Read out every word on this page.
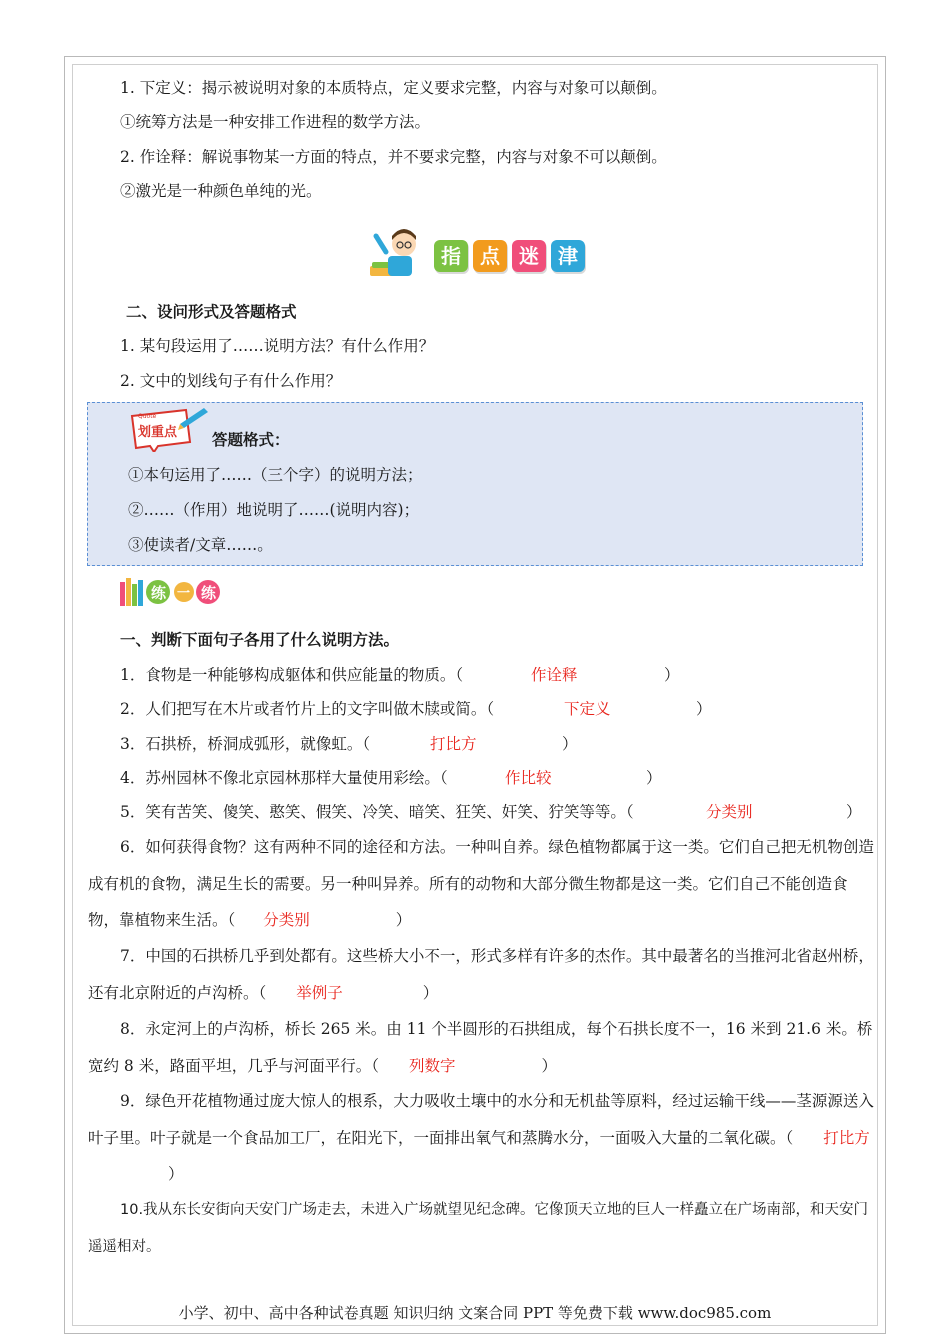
1. 下定义：揭示被说明对象的本质特点，定义要求完整，内容与对象可以颠倒。
①统筹方法是一种安排工作进程的数学方法。
2. 作诠释：解说事物某一方面的特点，并不要求完整，内容与对象不可以颠倒。
②激光是一种颜色单纯的光。
指 点 迷 津
二、设问形式及答题格式
1. 某句段运用了……说明方法？有什么作用？
2. 文中的划线句子有什么作用？
Quote
划重点 答题格式：
①本句运用了……（三个字）的说明方法；
②……（作用）地说明了……(说明内容)；
③使读者/文章……。
练 一 练
一、判断下面句子各用了什么说明方法。
1．食物是一种能够构成躯体和供应能量的物质。（	作诠释	）
2．人们把写在木片或者竹片上的文字叫做木牍或简。（	下定义	）
3．石拱桥，桥洞成弧形，就像虹。（	打比方	）
4．苏州园林不像北京园林那样大量使用彩绘。（	作比较	）
5．笑有苦笑、傻笑、憨笑、假笑、冷笑、暗笑、狂笑、奸笑、狞笑等等。（	分类别	）
6．如何获得食物？这有两种不同的途径和方法。一种叫自养。绿色植物都属于这一类。它们自己把无机物创造成有机的食物，满足生长的需要。另一种叫异养。所有的动物和大部分微生物都是这一类。它们自己不能创造食物，靠植物来生活。（ 分类别	）
7．中国的石拱桥几乎到处都有。这些桥大小不一，形式多样有许多的杰作。其中最著名的当推河北省赵州桥，还有北京附近的卢沟桥。（ 举例子	）
8．永定河上的卢沟桥，桥长 265 米。由 11 个半圆形的石拱组成，每个石拱长度不一，16 米到 21.6 米。桥宽约 8 米，路面平坦，几乎与河面平行。（ 列数字	）
9．绿色开花植物通过庞大惊人的根系，大力吸收土壤中的水分和无机盐等原料，经过运输干线——茎源源送入叶子里。叶子就是一个食品加工厂，在阳光下，一面排出氧气和蒸腾水分，一面吸入大量的二氧化碳。（ 打比方）
10.我从东长安街向天安门广场走去，未进入广场就望见纪念碑。它像顶天立地的巨人一样矗立在广场南部，和天安门遥遥相对。
小学、初中、高中各种试卷真题 知识归纳 文案合同 PPT 等免费下载 www.doc985.com
